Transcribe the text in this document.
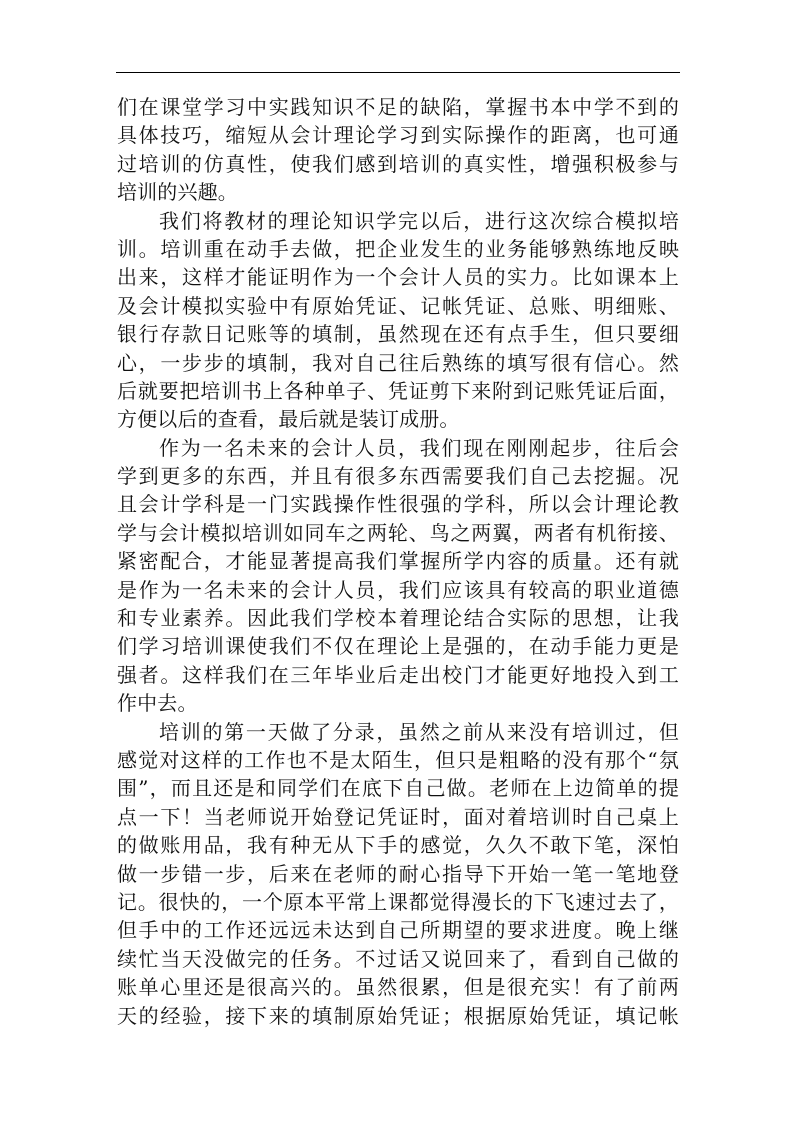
们在课堂学习中实践知识不足的缺陷，掌握书本中学不到的
具体技巧，缩短从会计理论学习到实际操作的距离，也可通
过培训的仿真性，使我们感到培训的真实性，增强积极参与
培训的兴趣。
我们将教材的理论知识学完以后，进行这次综合模拟培
训。培训重在动手去做，把企业发生的业务能够熟练地反映
出来，这样才能证明作为一个会计人员的实力。比如课本上
及会计模拟实验中有原始凭证、记帐凭证、总账、明细账、
银行存款日记账等的填制，虽然现在还有点手生，但只要细
心，一步步的填制，我对自己往后熟练的填写很有信心。然
后就要把培训书上各种单子、凭证剪下来附到记账凭证后面，
方便以后的查看，最后就是装订成册。
作为一名未来的会计人员，我们现在刚刚起步，往后会
学到更多的东西，并且有很多东西需要我们自己去挖掘。况
且会计学科是一门实践操作性很强的学科，所以会计理论教
学与会计模拟培训如同车之两轮、鸟之两翼，两者有机衔接、
紧密配合，才能显著提高我们掌握所学内容的质量。还有就
是作为一名未来的会计人员，我们应该具有较高的职业道德
和专业素养。因此我们学校本着理论结合实际的思想，让我
们学习培训课使我们不仅在理论上是强的，在动手能力更是
强者。这样我们在三年毕业后走出校门才能更好地投入到工
作中去。
培训的第一天做了分录，虽然之前从来没有培训过，但
感觉对这样的工作也不是太陌生，但只是粗略的没有那个“氛
围”，而且还是和同学们在底下自己做。老师在上边简单的提
点一下！当老师说开始登记凭证时，面对着培训时自己桌上
的做账用品，我有种无从下手的感觉，久久不敢下笔，深怕
做一步错一步，后来在老师的耐心指导下开始一笔一笔地登
记。很快的，一个原本平常上课都觉得漫长的下飞速过去了，
但手中的工作还远远未达到自己所期望的要求进度。晚上继
续忙当天没做完的任务。不过话又说回来了，看到自己做的
账单心里还是很高兴的。虽然很累，但是很充实！有了前两
天的经验，接下来的填制原始凭证；根据原始凭证，填记帐
